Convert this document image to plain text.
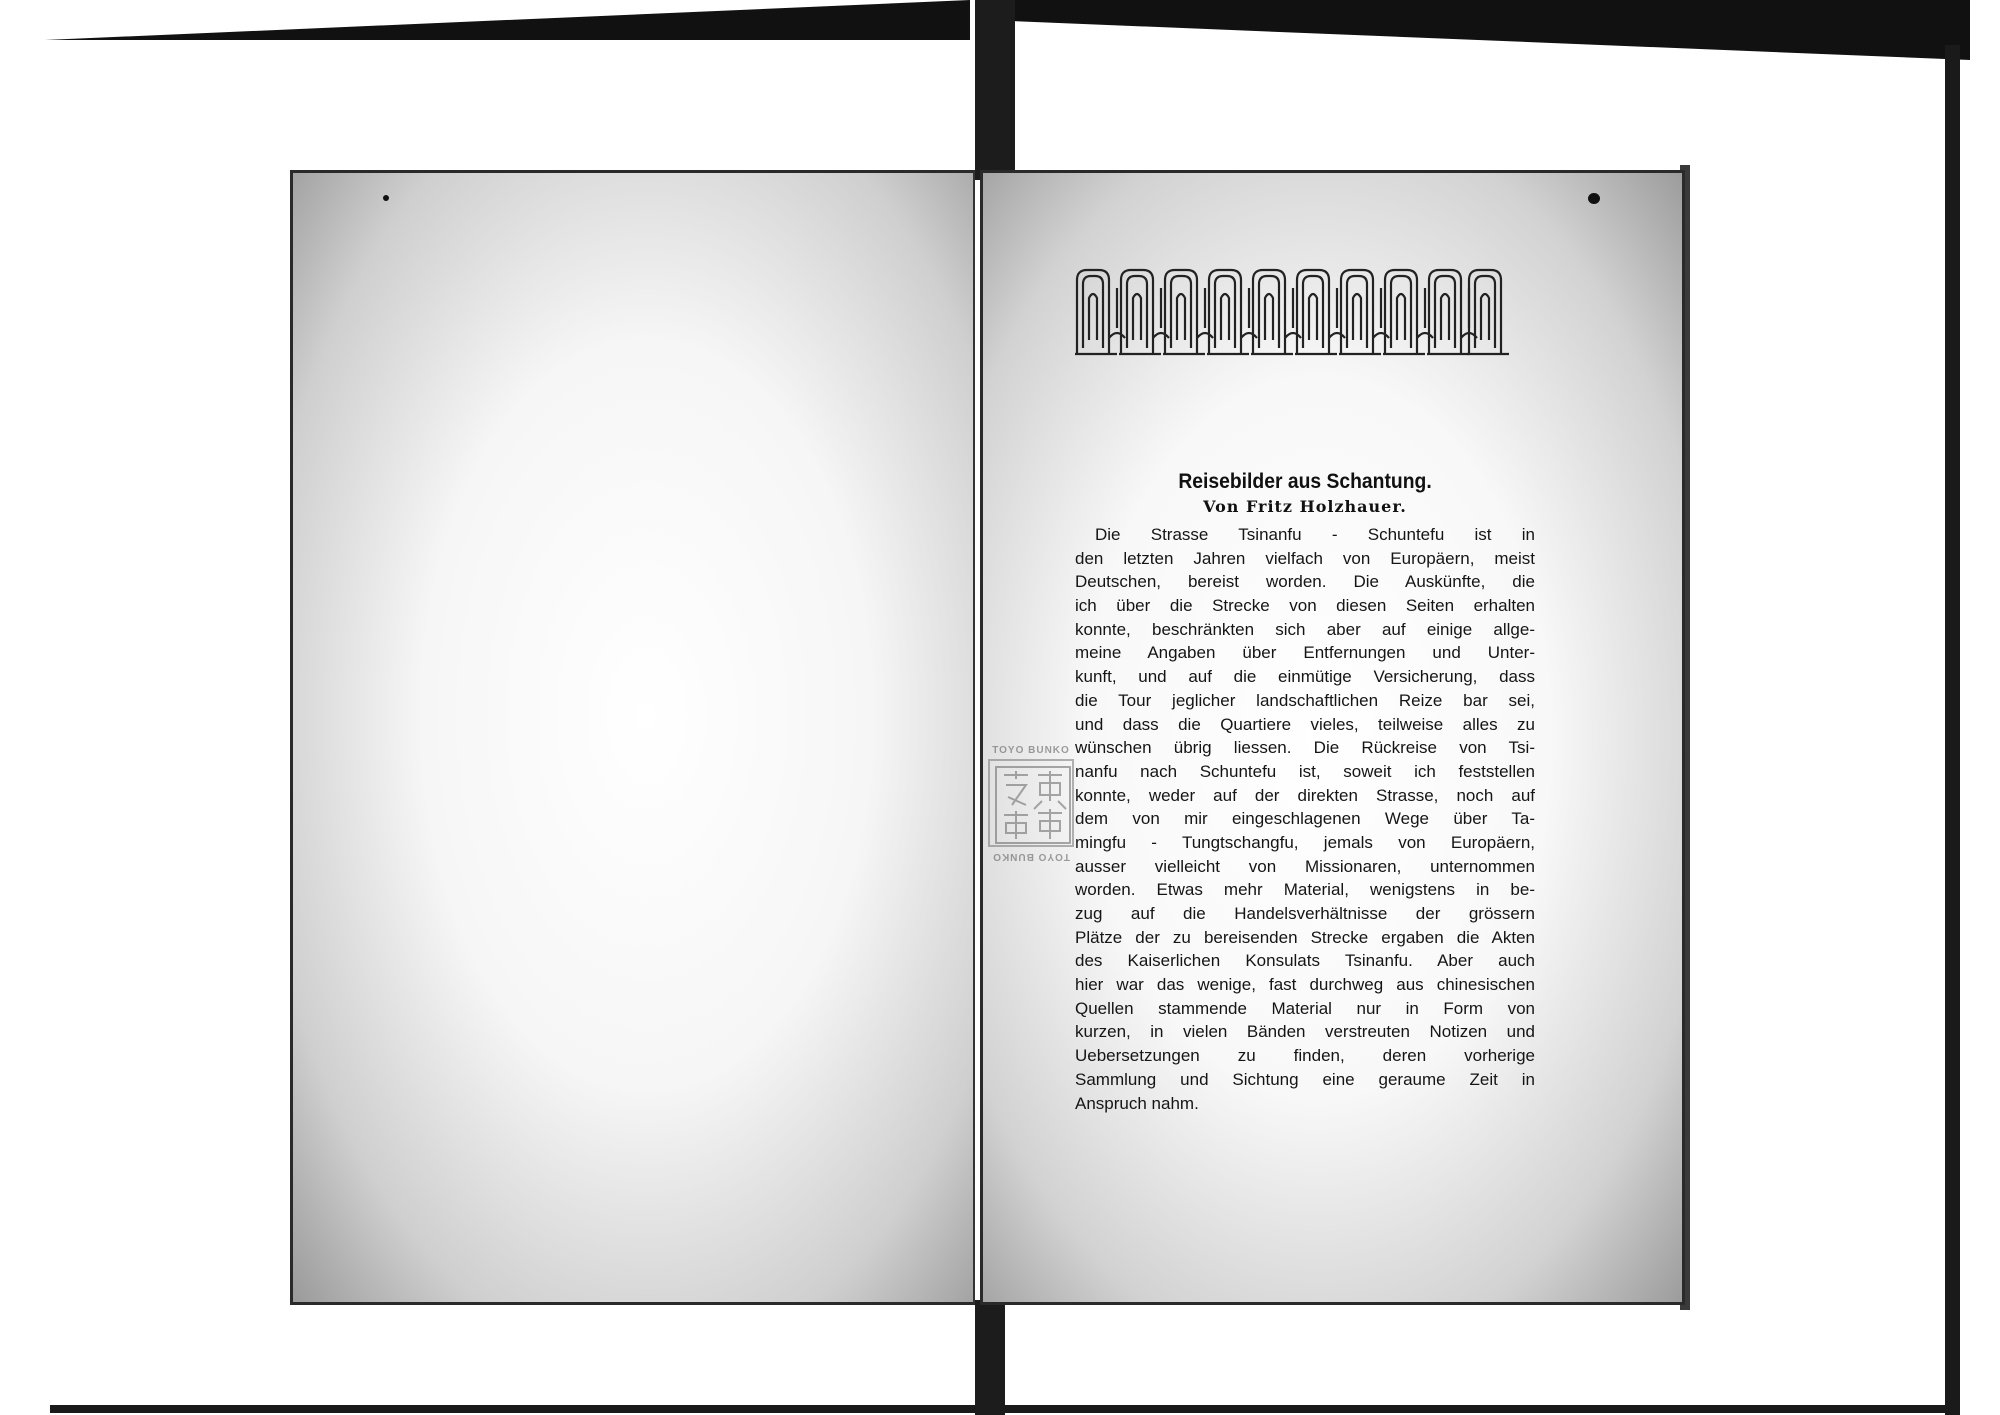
Reisebilder aus Schantung.
Von Fritz Holzhauer.
Die Strasse Tsinanfu - Schuntefu ist in
den letzten Jahren vielfach von Europäern, meist
Deutschen, bereist worden. Die Auskünfte, die
ich über die Strecke von diesen Seiten erhalten
konnte, beschränkten sich aber auf einige allge-
meine Angaben über Entfernungen und Unter-
kunft, und auf die einmütige Versicherung, dass
die Tour jeglicher landschaftlichen Reize bar sei,
und dass die Quartiere vieles, teilweise alles zu
wünschen übrig liessen. Die Rückreise von Tsi-
nanfu nach Schuntefu ist, soweit ich feststellen
konnte, weder auf der direkten Strasse, noch auf
dem von mir eingeschlagenen Wege über Ta-
mingfu - Tungtschangfu, jemals von Europäern,
ausser vielleicht von Missionaren, unternommen
worden. Etwas mehr Material, wenigstens in be-
zug auf die Handelsverhältnisse der grössern
Plätze der zu bereisenden Strecke ergaben die Akten
des Kaiserlichen Konsulats Tsinanfu. Aber auch
hier war das wenige, fast durchweg aus chinesischen
Quellen stammende Material nur in Form von
kurzen, in vielen Bänden verstreuten Notizen und
Uebersetzungen zu finden, deren vorherige
Sammlung und Sichtung eine geraume Zeit in
Anspruch nahm.
TOYO BUNKO
TOYO BUNKO
